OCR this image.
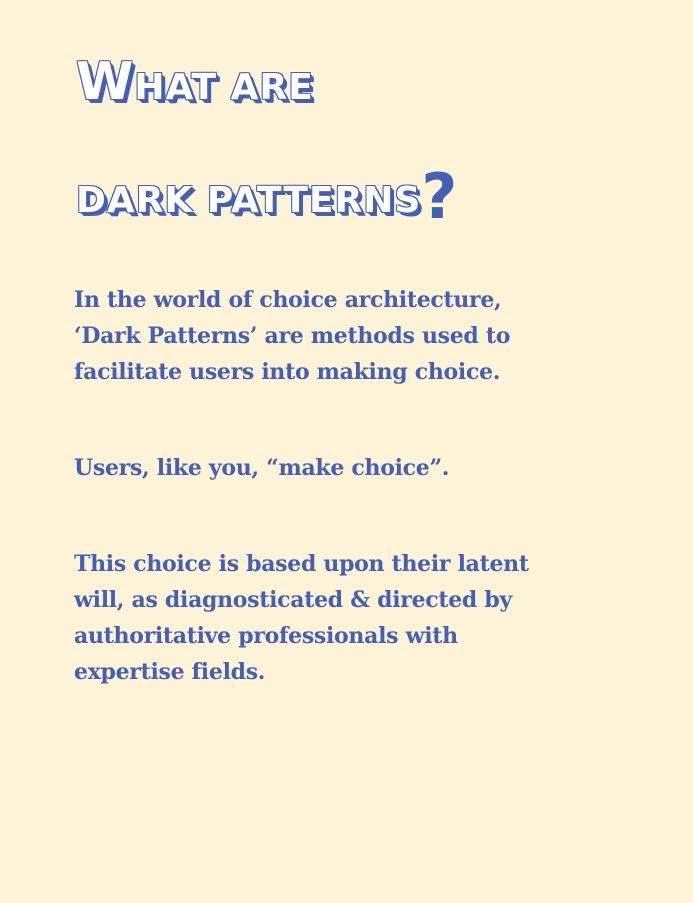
WHAT ARE
DARK PATTERNS?

In the world of choice architecture,
‘Dark Patterns’ are methods used to
facilitate users into making choice.

Users, like you, “make choice”.

This choice is based upon their latent
will, as diagnosticated & directed by
authoritative professionals with
expertise fields.
